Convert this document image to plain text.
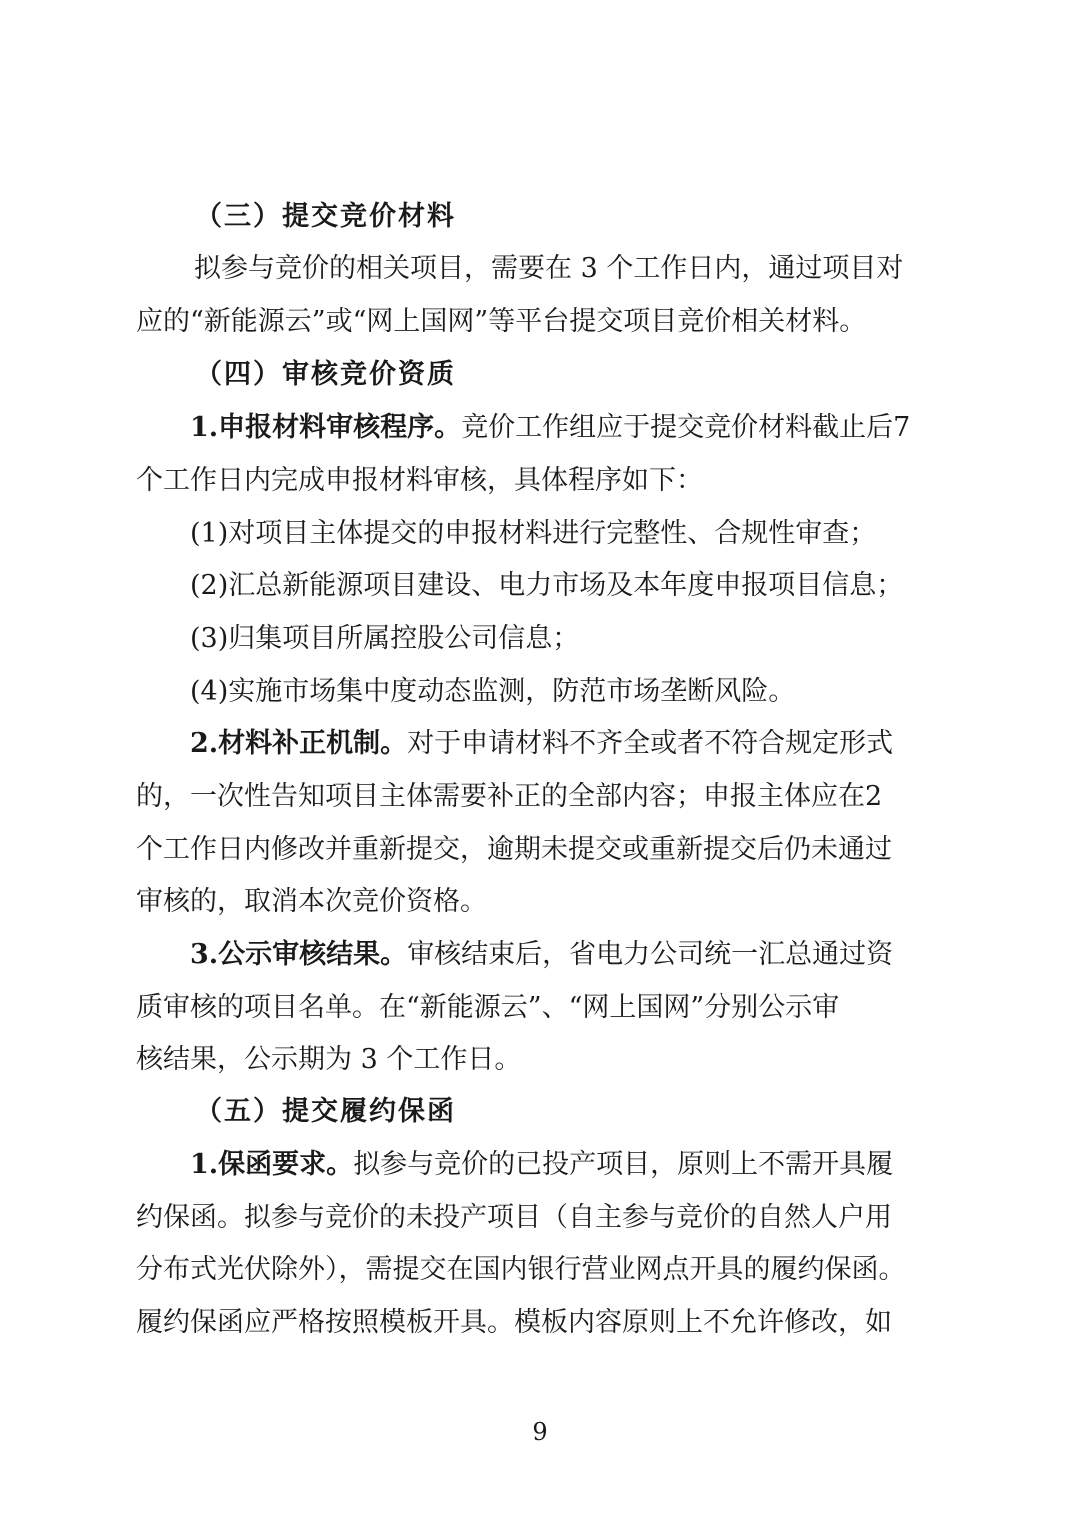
（三）提交竞价材料
拟参与竞价的相关项目，需要在 3 个工作日内，通过项目对
应的“新能源云”或“网上国网”等平台提交项目竞价相关材料。
（四）审核竞价资质
1.申报材料审核程序。竞价工作组应于提交竞价材料截止后7
个工作日内完成申报材料审核，具体程序如下：
(1)对项目主体提交的申报材料进行完整性、合规性审查；
(2)汇总新能源项目建设、电力市场及本年度申报项目信息；
(3)归集项目所属控股公司信息；
(4)实施市场集中度动态监测，防范市场垄断风险。
2.材料补正机制。对于申请材料不齐全或者不符合规定形式
的，一次性告知项目主体需要补正的全部内容；申报主体应在2
个工作日内修改并重新提交，逾期未提交或重新提交后仍未通过
审核的，取消本次竞价资格。
3.公示审核结果。审核结束后，省电力公司统一汇总通过资
质审核的项目名单。在“新能源云”、“网上国网”分别公示审
核结果，公示期为 3 个工作日。
（五）提交履约保函
1.保函要求。拟参与竞价的已投产项目，原则上不需开具履
约保函。拟参与竞价的未投产项目（自主参与竞价的自然人户用
分布式光伏除外），需提交在国内银行营业网点开具的履约保函。
履约保函应严格按照模板开具。模板内容原则上不允许修改，如
9
